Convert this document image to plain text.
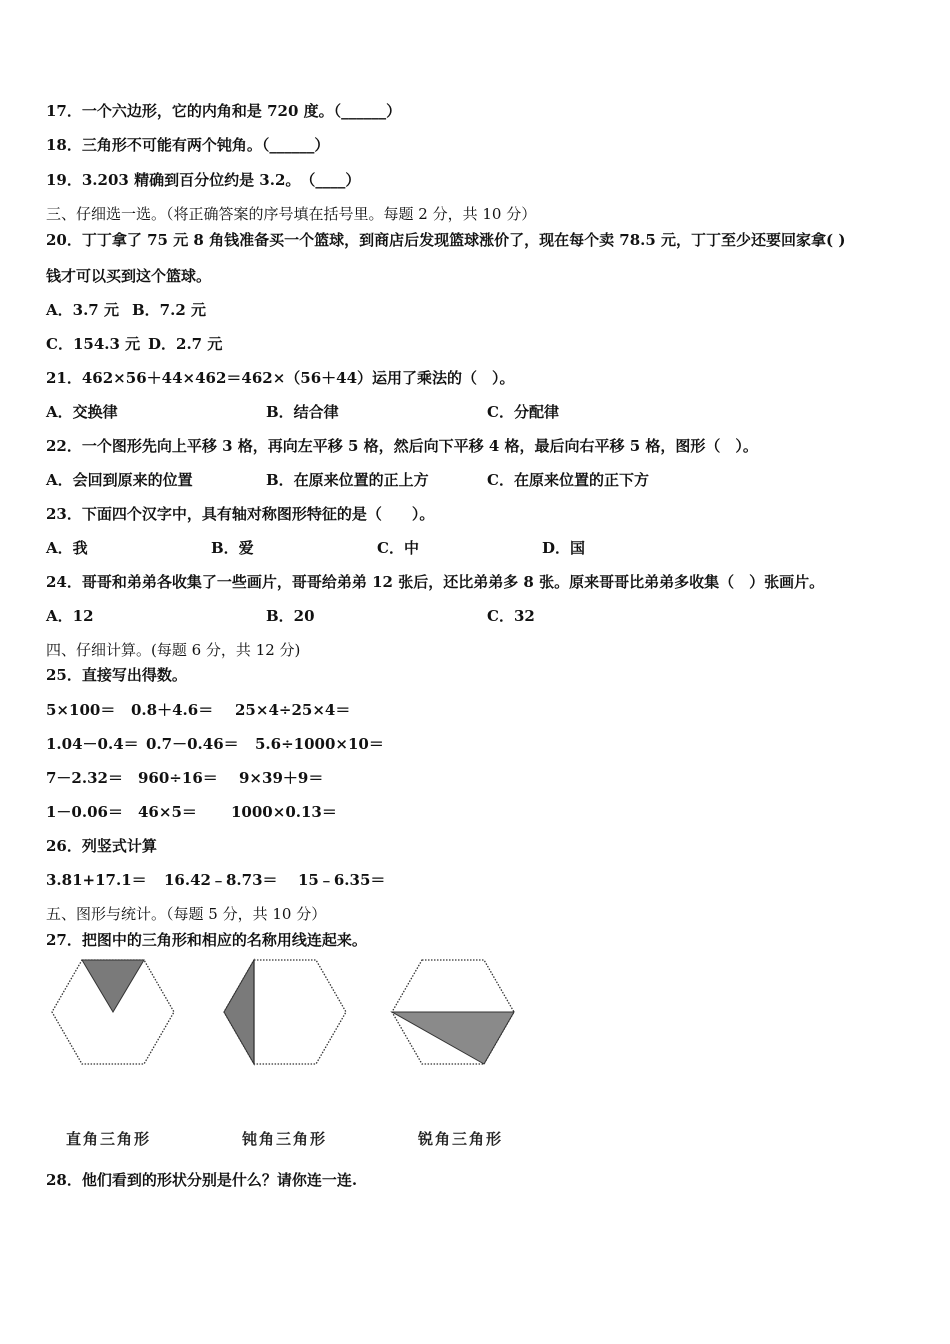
17．一个六边形，它的内角和是 720 度。（______）
18．三角形不可能有两个钝角。（______）
19．3.203 精确到百分位约是 3.2。　（____）
三、仔细选一选。（将正确答案的序号填在括号里。每题 2 分，共 10 分）
20．丁丁拿了 75 元 8 角钱准备买一个篮球，到商店后发现篮球涨价了，现在每个卖 78.5 元，丁丁至少还要回家拿( )
钱才可以买到这个篮球。
A．3.7 元 B．7.2 元
C．154.3 元 D．2.7 元
21．462×56＋44×462＝462×（56＋44）运用了乘法的（　）。
A．交换律	B．结合律	C．分配律
22．一个图形先向上平移 3 格，再向左平移 5 格，然后向下平移 4 格，最后向右平移 5 格，图形（　）。
A．会回到原来的位置	B．在原来位置的正上方	C．在原来位置的正下方
23．下面四个汉字中，具有轴对称图形特征的是（　　）。
A．我	B．爱	C．中	D．国
24．哥哥和弟弟各收集了一些画片，哥哥给弟弟 12 张后，还比弟弟多 8 张。原来哥哥比弟弟多收集（　）张画片。
A．12	B．20	C．32
四、仔细计算。(每题 6 分，共 12 分)
25．直接写出得数。
5×100＝ 0.8＋4.6＝ 25×4÷25×4＝
1.04－0.4＝ 0.7－0.46＝ 5.6÷1000×10＝
7－2.32＝ 960÷16＝ 9×39＋9＝
1－0.06＝ 46×5＝ 1000×0.13＝
26．列竖式计算
3.81+17.1＝ 16.42﹣8.73＝ 15﹣6.35＝
五、图形与统计。（每题 5 分，共 10 分）
27．把图中的三角形和相应的名称用线连起来。
直角三角形	钝角三角形	锐角三角形
28．他们看到的形状分别是什么？请你连一连.
